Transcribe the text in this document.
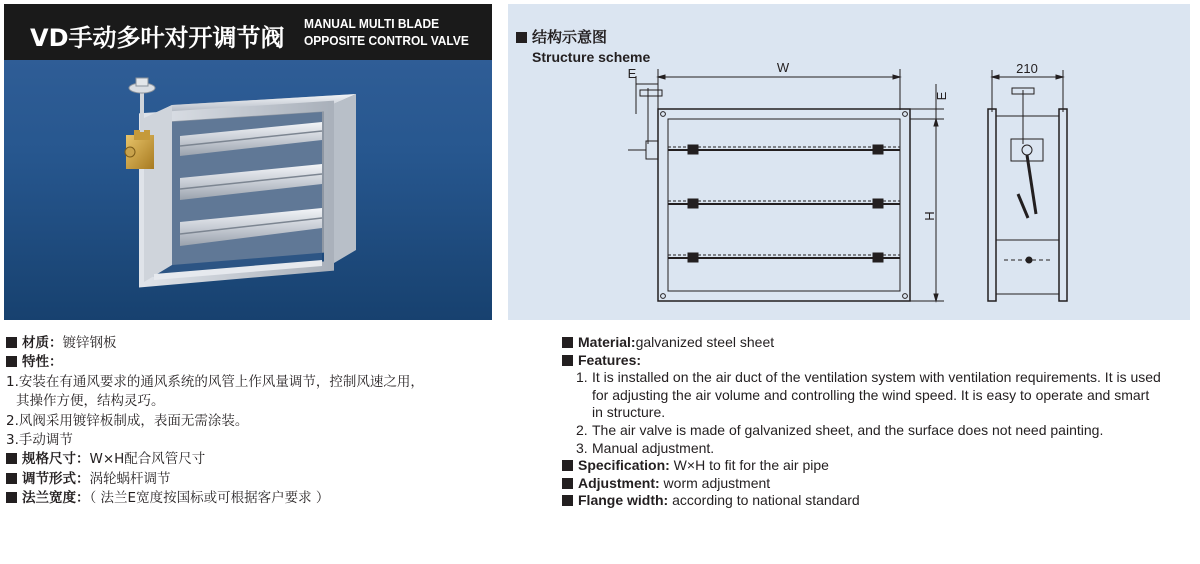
VD手动多叶对开调节阀
MANUAL MULTI BLADE
OPPOSITE CONTROL VALVE	结构示意图
Structure scheme
W
E
E
H
210
材质：镀锌钢板
特性：
1.安装在有通风要求的通风系统的风管上作风量调节，控制风速之用，
其操作方便，结构灵巧。
2.风阀采用镀锌板制成，表面无需涂装。
3.手动调节
规格尺寸：W×H配合风管尺寸
调节形式：涡轮蜗杆调节
法兰宽度：（ 法兰E宽度按国标或可根据客户要求 ）
Material:galvanized steel sheet
Features:
1. It is installed on the air duct of the ventilation system with ventilation requirements. It is used
for adjusting the air volume and controlling the wind speed. It is easy to operate and smart
in structure.
2. The air valve is made of galvanized sheet, and the surface does not need painting.
3. Manual adjustment.
Specification: W×H to fit for the air pipe
Adjustment: worm adjustment
Flange width: according to national standard
